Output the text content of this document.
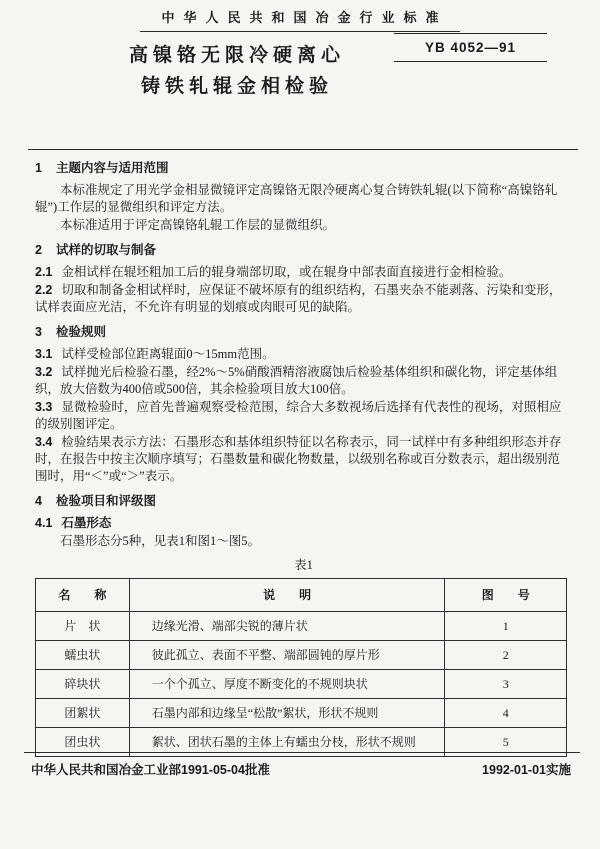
中华人民共和国冶金行业标准
YB 4052—91
高镍铬无限冷硬离心
铸铁轧辊金相检验
1 主题内容与适用范围

本标准规定了用光学金相显微镜评定高镍铬无限冷硬离心复合铸铁轧辊(以下简称“高镍铬轧辊”)工作层的显微组织和评定方法。

本标准适用于评定高镍铬轧辊工作层的显微组织。

2 试样的切取与制备

2.1 金相试样在辊坯粗加工后的辊身端部切取，或在辊身中部表面直接进行金相检验。

2.2 切取和制备金相试样时，应保证不破坏原有的组织结构，石墨夹杂不能剥落、污染和变形，试样表面应光洁，不允许有明显的划痕或肉眼可见的缺陷。

3 检验规则

3.1 试样受检部位距离辊面0～15mm范围。

3.2 试样抛光后检验石墨，经2%～5%硝酸酒精溶液腐蚀后检验基体组织和碳化物，评定基体组织，放大倍数为400倍或500倍，其余检验项目放大100倍。

3.3 显微检验时，应首先普遍观察受检范围，综合大多数视场后选择有代表性的视场，对照相应的级别图评定。

3.4 检验结果表示方法：石墨形态和基体组织特征以名称表示，同一试样中有多种组织形态并存时，在报告中按主次顺序填写；石墨数量和碳化物数量，以级别名称或百分数表示，超出级别范围时，用“＜”或“＞”表示。

4 检验项目和评级图

4.1 石墨形态

石墨形态分5种，见表1和图1～图5。

表1
名　　称	说　　明	图　　号
片　状	边缘光滑、端部尖锐的薄片状	1
蠕虫状	彼此孤立、表面不平整、端部圆钝的厚片形	2
碎块状	一个个孤立、厚度不断变化的不规则块状	3
团絮状	石墨内部和边缘呈“松散”絮状，形状不规则	4
团虫状	絮状、团状石墨的主体上有蠕虫分枝，形状不规则	5
中华人民共和国冶金工业部1991-05-04批准	1992-01-01实施
